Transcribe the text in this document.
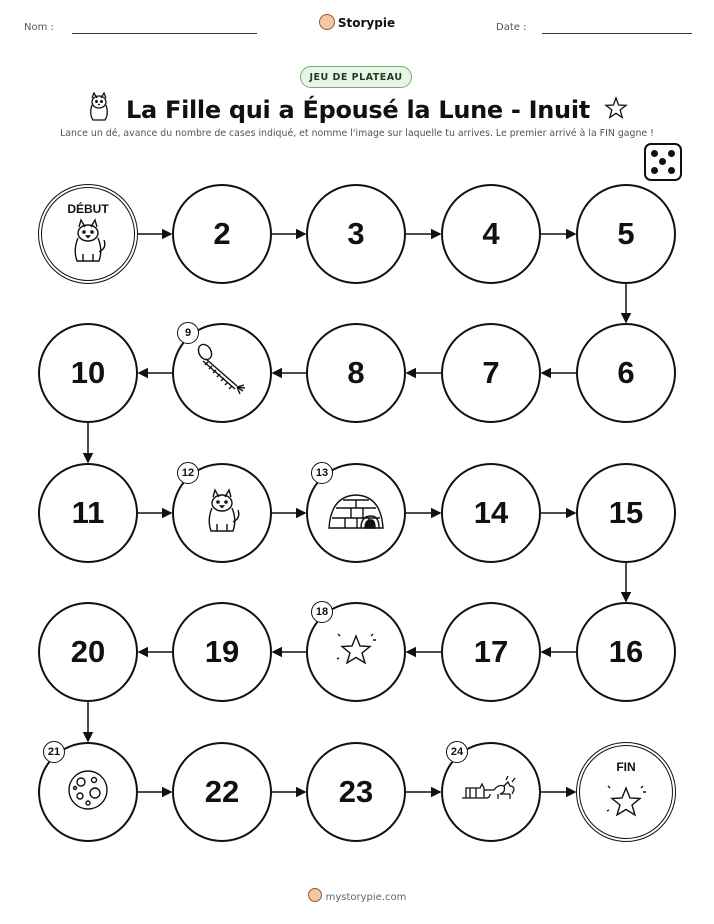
Nom :	Storypie	Date :
JEU DE PLATEAU
La Fille qui a Épousé la Lune - Inuit
Lance un dé, avance du nombre de cases indiqué, et nomme l'image sur laquelle tu arrives. Le premier arrivé à la FIN gagne !
DÉBUT
2	3	4	5
6
7
8
9
10
11
12	13
14	15
16
17
18
19
20
21
22	23
24
FIN
mystorypie.com
